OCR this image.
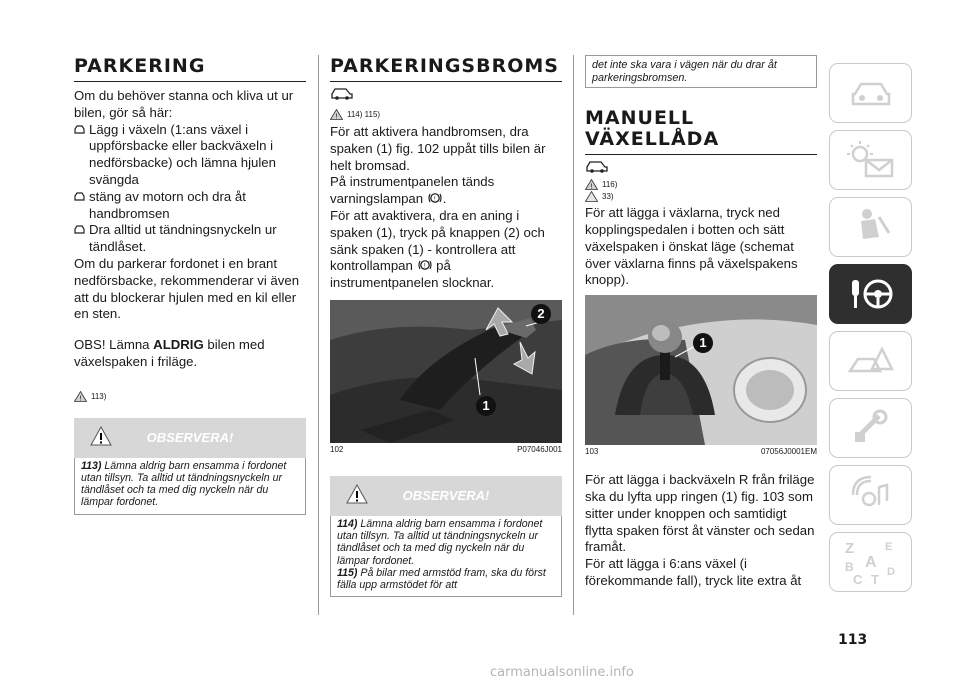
PARKERING

Om du behöver stanna och kliva ut ur bilen, gör så här:

Lägg i växeln (1:ans växel i uppförsbacke eller backväxeln i nedförsbacke) och lämna hjulen svängda
stäng av motorn och dra åt handbromsen
Dra alltid ut tändningsnyckeln ur tändlåset.

Om du parkerar fordonet i en brant nedförsbacke, rekommenderar vi även att du blockerar hjulen med en kil eller en sten.

OBS! Lämna ALDRIG bilen med växelspaken i friläge.

! 113)
OBSERVERA!
113) Lämna aldrig barn ensamma i fordonet utan tillsyn. Ta alltid ut tändningsnyckeln ur tändlåset och ta med dig nyckeln när du lämpar fordonet.
PARKERINGSBROMS
! 114) 115)

För att aktivera handbromsen, dra spaken (1) fig. 102 uppåt tills bilen är helt bromsad.

På instrumentpanelen tänds varningslampan ! .

För att avaktivera, dra en aning i spaken (1), tryck på knappen (2) och sänk spaken (1) - kontrollera att kontrollampan ! på instrumentpanelen slocknar.

1
2
102	P07046J001
OBSERVERA!
114) Lämna aldrig barn ensamma i fordonet utan tillsyn. Ta alltid ut tändningsnyckeln ur tändlåset och ta med dig nyckeln när du lämpar fordonet.
115) På bilar med armstöd fram, ska du först fälla upp armstödet för att
det inte ska vara i vägen när du drar åt parkeringsbromsen.
MANUELL
VÄXELLÅDA
! 116)
33)

För att lägga i växlarna, tryck ned kopplingspedalen i botten och sätt växelspaken i önskat läge (schemat över växlarna finns på växelspakens knopp).

1
103	07056J0001EM

För att lägga i backväxeln R från friläge ska du lyfta upp ringen (1) fig. 103 som sitter under knoppen och samtidigt flytta spaken först åt vänster och sedan framåt.

För att lägga i 6:ans växel (i förekommande fall), tryck lite extra åt

Z	E
B A
C T D
113
carmanualsonline.info
